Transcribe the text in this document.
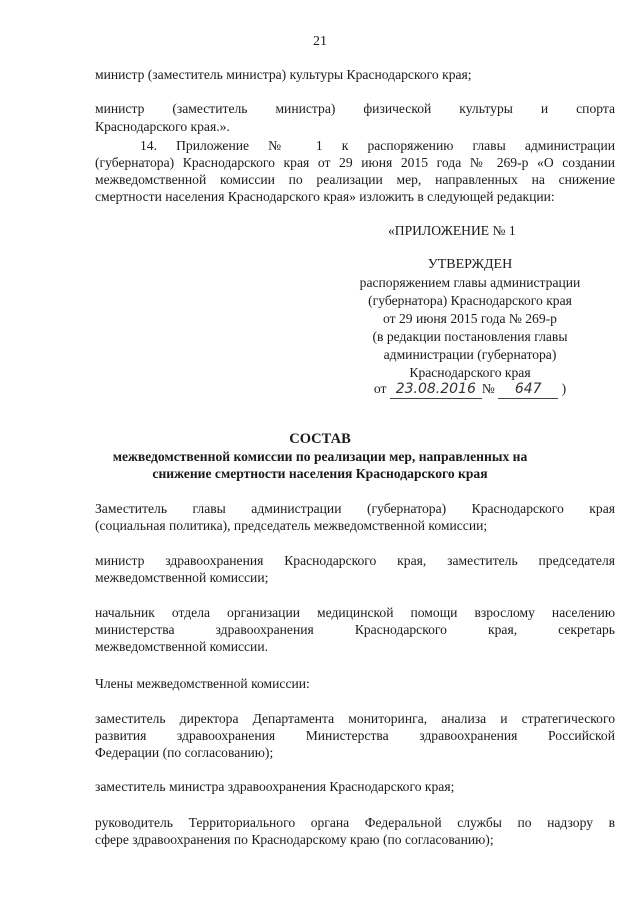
21
министр (заместитель министра) культуры Краснодарского края;
министр (заместитель министра) физической культуры и спорта
Краснодарского края.».
14. Приложение № 1 к распоряжению главы администрации
(губернатора) Краснодарского края от 29 июня 2015 года № 269-р «О создании
межведомственной комиссии по реализации мер, направленных на снижение
смертности населения Краснодарского края» изложить в следующей редакции:
«ПРИЛОЖЕНИЕ № 1
УТВЕРЖДЕН
распоряжением главы администрации
(губернатора) Краснодарского края
от 29 июня 2015 года № 269-р
(в редакции постановления главы
администрации (губернатора)
Краснодарского края
от 23.08.2016 № 647 )
СОСТАВ
межведомственной комиссии по реализации мер, направленных на
снижение смертности населения Краснодарского края
Заместитель главы администрации (губернатора) Краснодарского края
(социальная политика), председатель межведомственной комиссии;
министр здравоохранения Краснодарского края, заместитель председателя
межведомственной комиссии;
начальник отдела организации медицинской помощи взрослому населению
министерства здравоохранения Краснодарского края, секретарь
межведомственной комиссии.
Члены межведомственной комиссии:
заместитель директора Департамента мониторинга, анализа и стратегического
развития здравоохранения Министерства здравоохранения Российской
Федерации (по согласованию);
заместитель министра здравоохранения Краснодарского края;
руководитель Территориального органа Федеральной службы по надзору в
сфере здравоохранения по Краснодарскому краю (по согласованию);
